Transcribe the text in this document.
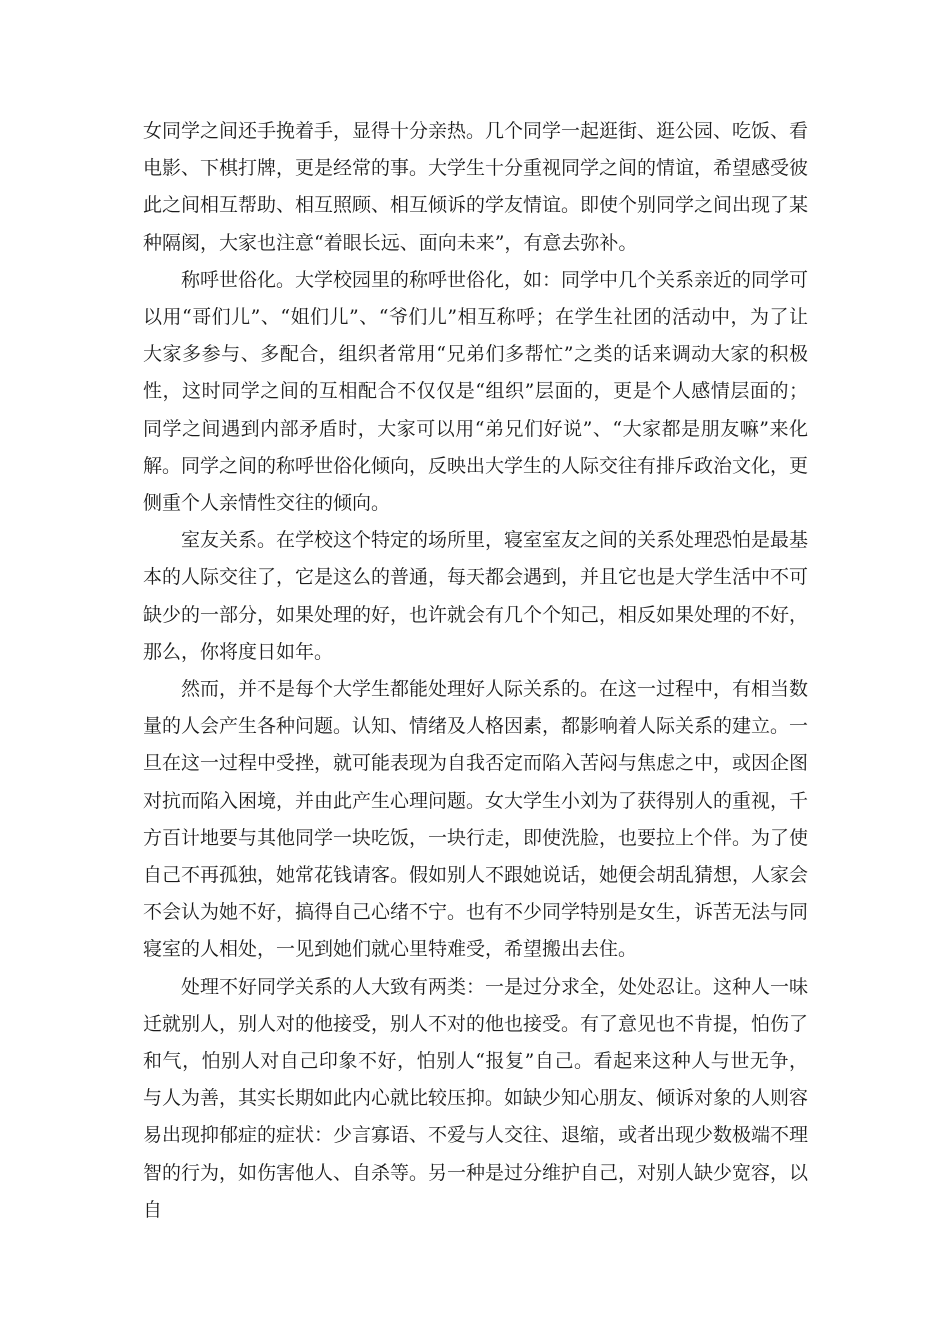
女同学之间还手挽着手，显得十分亲热。几个同学一起逛街、逛公园、吃饭、看电影、下棋打牌，更是经常的事。大学生十分重视同学之间的情谊，希望感受彼此之间相互帮助、相互照顾、相互倾诉的学友情谊。即使个别同学之间出现了某种隔阂，大家也注意“着眼长远、面向未来”，有意去弥补。

称呼世俗化。大学校园里的称呼世俗化，如：同学中几个关系亲近的同学可以用“哥们儿”、“姐们儿”、“爷们儿”相互称呼；在学生社团的活动中，为了让大家多参与、多配合，组织者常用“兄弟们多帮忙”之类的话来调动大家的积极性，这时同学之间的互相配合不仅仅是“组织”层面的，更是个人感情层面的；同学之间遇到内部矛盾时，大家可以用“弟兄们好说”、“大家都是朋友嘛”来化解。同学之间的称呼世俗化倾向，反映出大学生的人际交往有排斥政治文化，更侧重个人亲情性交往的倾向。

室友关系。在学校这个特定的场所里，寝室室友之间的关系处理恐怕是最基本的人际交往了，它是这么的普通，每天都会遇到，并且它也是大学生活中不可缺少的一部分，如果处理的好，也许就会有几个个知己，相反如果处理的不好，那么，你将度日如年。

然而，并不是每个大学生都能处理好人际关系的。在这一过程中，有相当数量的人会产生各种问题。认知、情绪及人格因素，都影响着人际关系的建立。一旦在这一过程中受挫，就可能表现为自我否定而陷入苦闷与焦虑之中，或因企图对抗而陷入困境，并由此产生心理问题。女大学生小刘为了获得别人的重视，千方百计地要与其他同学一块吃饭，一块行走，即使洗脸，也要拉上个伴。为了使自己不再孤独，她常花钱请客。假如别人不跟她说话，她便会胡乱猜想，人家会不会认为她不好，搞得自己心绪不宁。也有不少同学特别是女生，诉苦无法与同寝室的人相处，一见到她们就心里特难受，希望搬出去住。

处理不好同学关系的人大致有两类：一是过分求全，处处忍让。这种人一味迁就别人，别人对的他接受，别人不对的他也接受。有了意见也不肯提，怕伤了和气，怕别人对自己印象不好，怕别人“报复”自己。看起来这种人与世无争，与人为善，其实长期如此内心就比较压抑。如缺少知心朋友、倾诉对象的人则容易出现抑郁症的症状：少言寡语、不爱与人交往、退缩，或者出现少数极端不理智的行为，如伤害他人、自杀等。另一种是过分维护自己，对别人缺少宽容，以自
